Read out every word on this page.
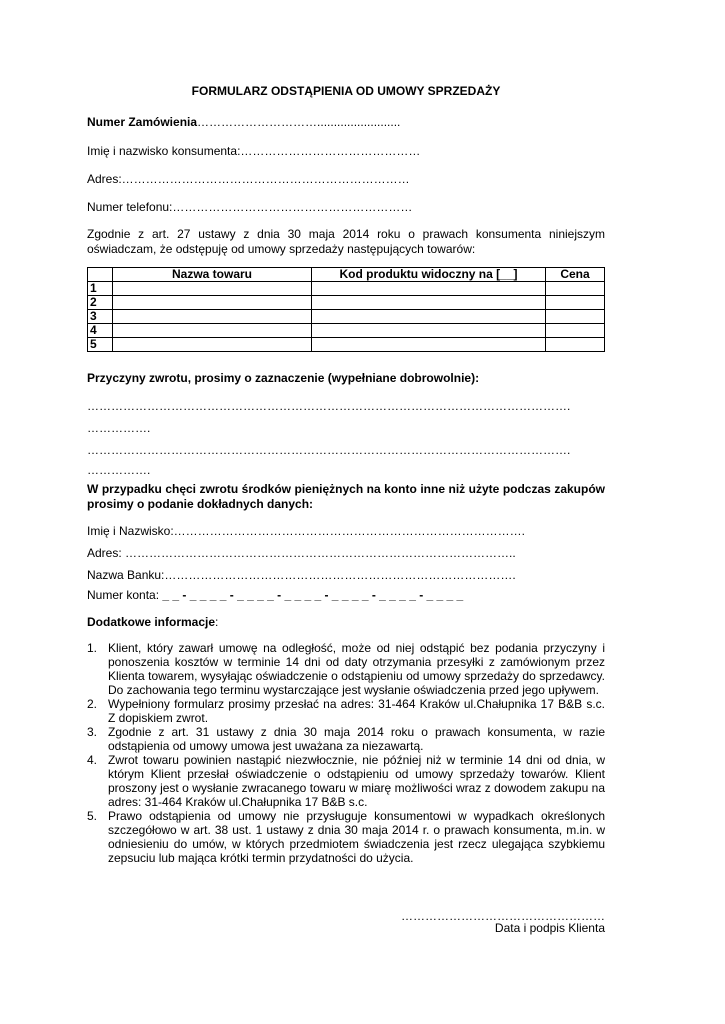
FORMULARZ ODSTĄPIENIA OD UMOWY SPRZEDAŻY
Numer Zamówienia………………………….........................
Imię i nazwisko konsumenta:………………………………………
Adres:………………………………………………………………
Numer telefonu:……………………………………………………
Zgodnie z art. 27 ustawy z dnia 30 maja 2014 roku o prawach konsumenta niniejszym oświadczam, że odstępuję od umowy sprzedaży następujących towarów:
	Nazwa towaru	Kod produktu widoczny na [__]	Cena
1			
2			
3			
4			
5			
Przyczyny zwrotu, prosimy o zaznaczenie (wypełniane dobrowolnie):
………………………………………………………………………………………………………….
…………….
………………………………………………………………………………………………………….
…………….
W przypadku chęci zwrotu środków pieniężnych na konto inne niż użyte podczas zakupów prosimy o podanie dokładnych danych:
Imię i Nazwisko:…………………………………………………………………………….
Adres: ……………………………………………………………………………………..
Nazwa Banku:…………………………………………………………………………….
Numer konta: _ _ - _ _ _ _ - _ _ _ _ - _ _ _ _ - _ _ _ _ - _ _ _ _ - _ _ _ _
Dodatkowe informacje:
1. Klient, który zawarł umowę na odległość, może od niej odstąpić bez podania przyczyny i ponoszenia kosztów w terminie 14 dni od daty otrzymania przesyłki z zamówionym przez Klienta towarem, wysyłając oświadczenie o odstąpieniu od umowy sprzedaży do sprzedawcy. Do zachowania tego terminu wystarczające jest wysłanie oświadczenia przed jego upływem.
2. Wypełniony formularz prosimy przesłać na adres: 31-464 Kraków ul.Chałupnika 17 B&B s.c. Z dopiskiem zwrot.
3. Zgodnie z art. 31 ustawy z dnia 30 maja 2014 roku o prawach konsumenta, w razie odstąpienia od umowy umowa jest uważana za niezawartą.
4. Zwrot towaru powinien nastąpić niezwłocznie, nie później niż w terminie 14 dni od dnia, w którym Klient przesłał oświadczenie o odstąpieniu od umowy sprzedaży towarów. Klient proszony jest o wysłanie zwracanego towaru w miarę możliwości wraz z dowodem zakupu na adres: 31-464 Kraków ul.Chałupnika 17 B&B s.c.
5. Prawo odstąpienia od umowy nie przysługuje konsumentowi w wypadkach określonych szczegółowo w art. 38 ust. 1 ustawy z dnia 30 maja 2014 r. o prawach konsumenta, m.in. w odniesieniu do umów, w których przedmiotem świadczenia jest rzecz ulegająca szybkiemu zepsuciu lub mająca krótki termin przydatności do użycia.
……………………………………………
Data i podpis Klienta
